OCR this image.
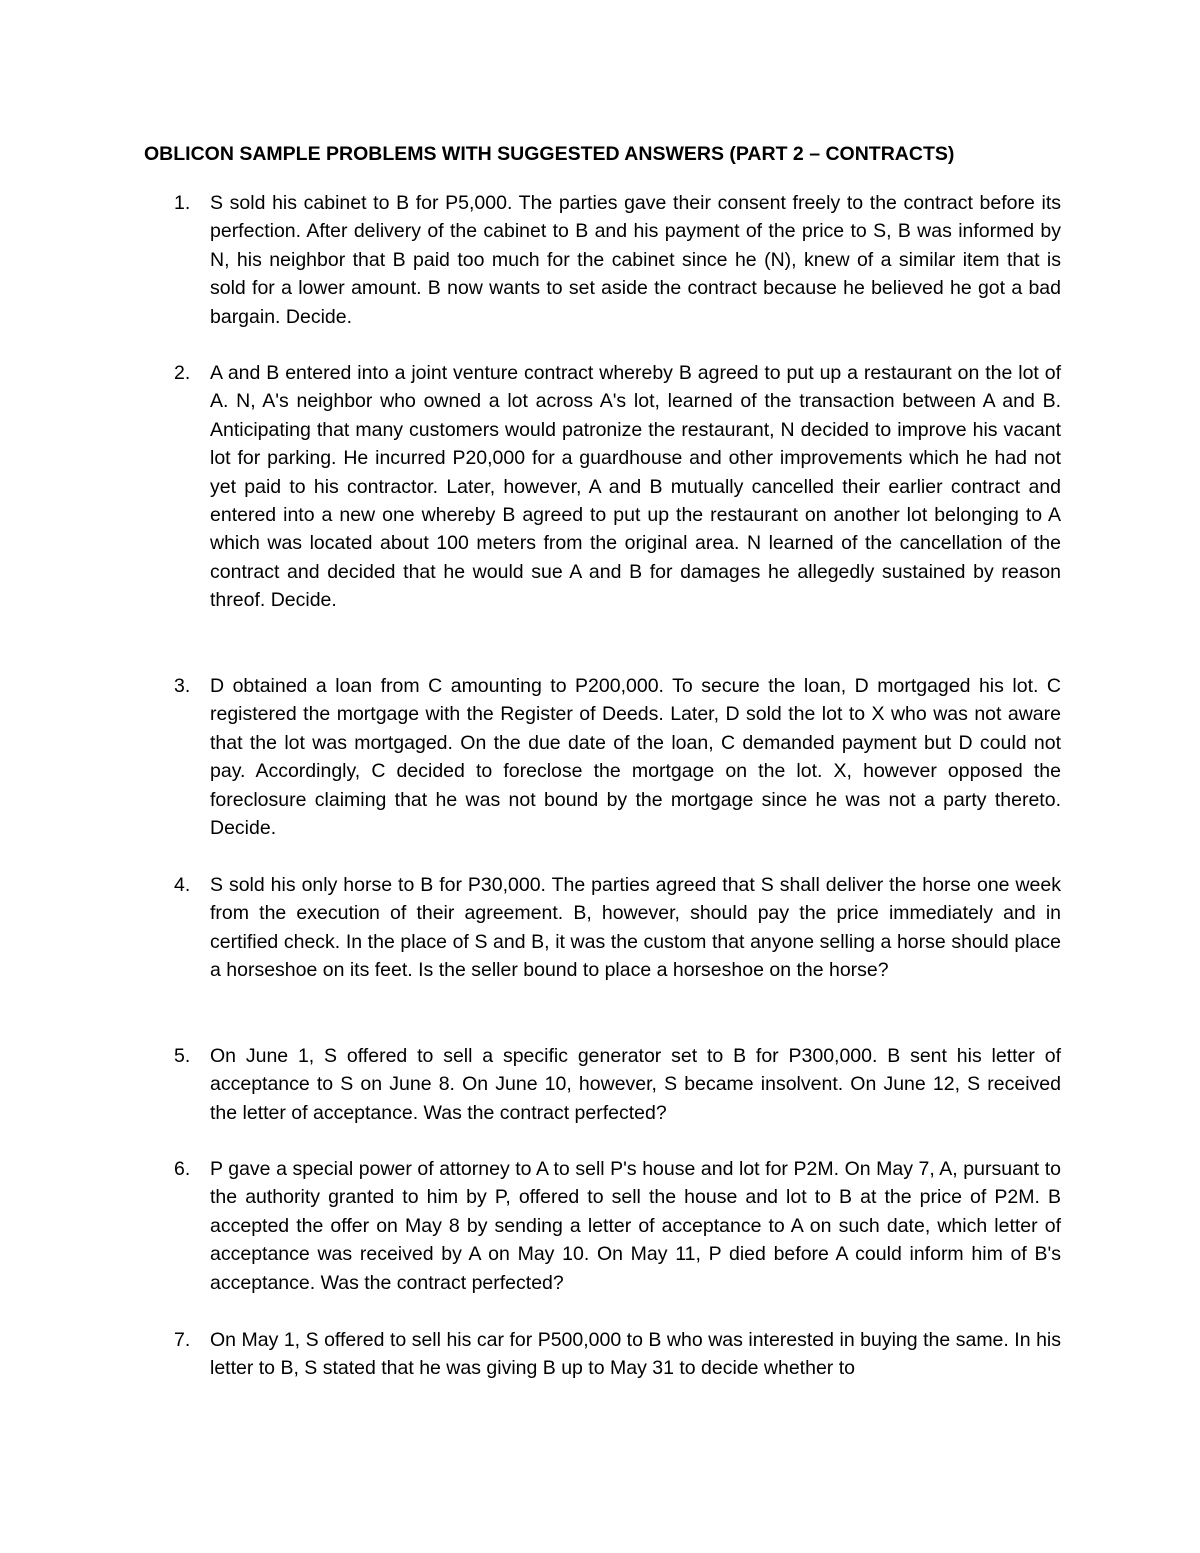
OBLICON SAMPLE PROBLEMS WITH SUGGESTED ANSWERS (PART 2 – CONTRACTS)
1.	S sold his cabinet to B for P5,000. The parties gave their consent freely to the contract before its perfection. After delivery of the cabinet to B and his payment of the price to S, B was informed by N, his neighbor that B paid too much for the cabinet since he (N), knew of a similar item that is sold for a lower amount. B now wants to set aside the contract because he believed he got a bad bargain. Decide.
2.	A and B entered into a joint venture contract whereby B agreed to put up a restaurant on the lot of A. N, A's neighbor who owned a lot across A's lot, learned of the transaction between A and B. Anticipating that many customers would patronize the restaurant, N decided to improve his vacant lot for parking. He incurred P20,000 for a guardhouse and other improvements which he had not yet paid to his contractor. Later, however, A and B mutually cancelled their earlier contract and entered into a new one whereby B agreed to put up the restaurant on another lot belonging to A which was located about 100 meters from the original area. N learned of the cancellation of the contract and decided that he would sue A and B for damages he allegedly sustained by reason threof. Decide.
3.	D obtained a loan from C amounting to P200,000. To secure the loan, D mortgaged his lot. C registered the mortgage with the Register of Deeds. Later, D sold the lot to X who was not aware that the lot was mortgaged. On the due date of the loan, C demanded payment but D could not pay. Accordingly, C decided to foreclose the mortgage on the lot. X, however opposed the foreclosure claiming that he was not bound by the mortgage since he was not a party thereto. Decide.
4.	S sold his only horse to B for P30,000. The parties agreed that S shall deliver the horse one week from the execution of their agreement. B, however, should pay the price immediately and in certified check. In the place of S and B, it was the custom that anyone selling a horse should place a horseshoe on its feet. Is the seller bound to place a horseshoe on the horse?
5.	On June 1, S offered to sell a specific generator set to B for P300,000. B sent his letter of acceptance to S on June 8. On June 10, however, S became insolvent. On June 12, S received the letter of acceptance. Was the contract perfected?
6.	P gave a special power of attorney to A to sell P's house and lot for P2M. On May 7, A, pursuant to the authority granted to him by P, offered to sell the house and lot to B at the price of P2M. B accepted the offer on May 8 by sending a letter of acceptance to A on such date, which letter of acceptance was received by A on May 10. On May 11, P died before A could inform him of B's acceptance. Was the contract perfected?
7.	On May 1, S offered to sell his car for P500,000 to B who was interested in buying the same. In his letter to B, S stated that he was giving B up to May 31 to decide whether to
